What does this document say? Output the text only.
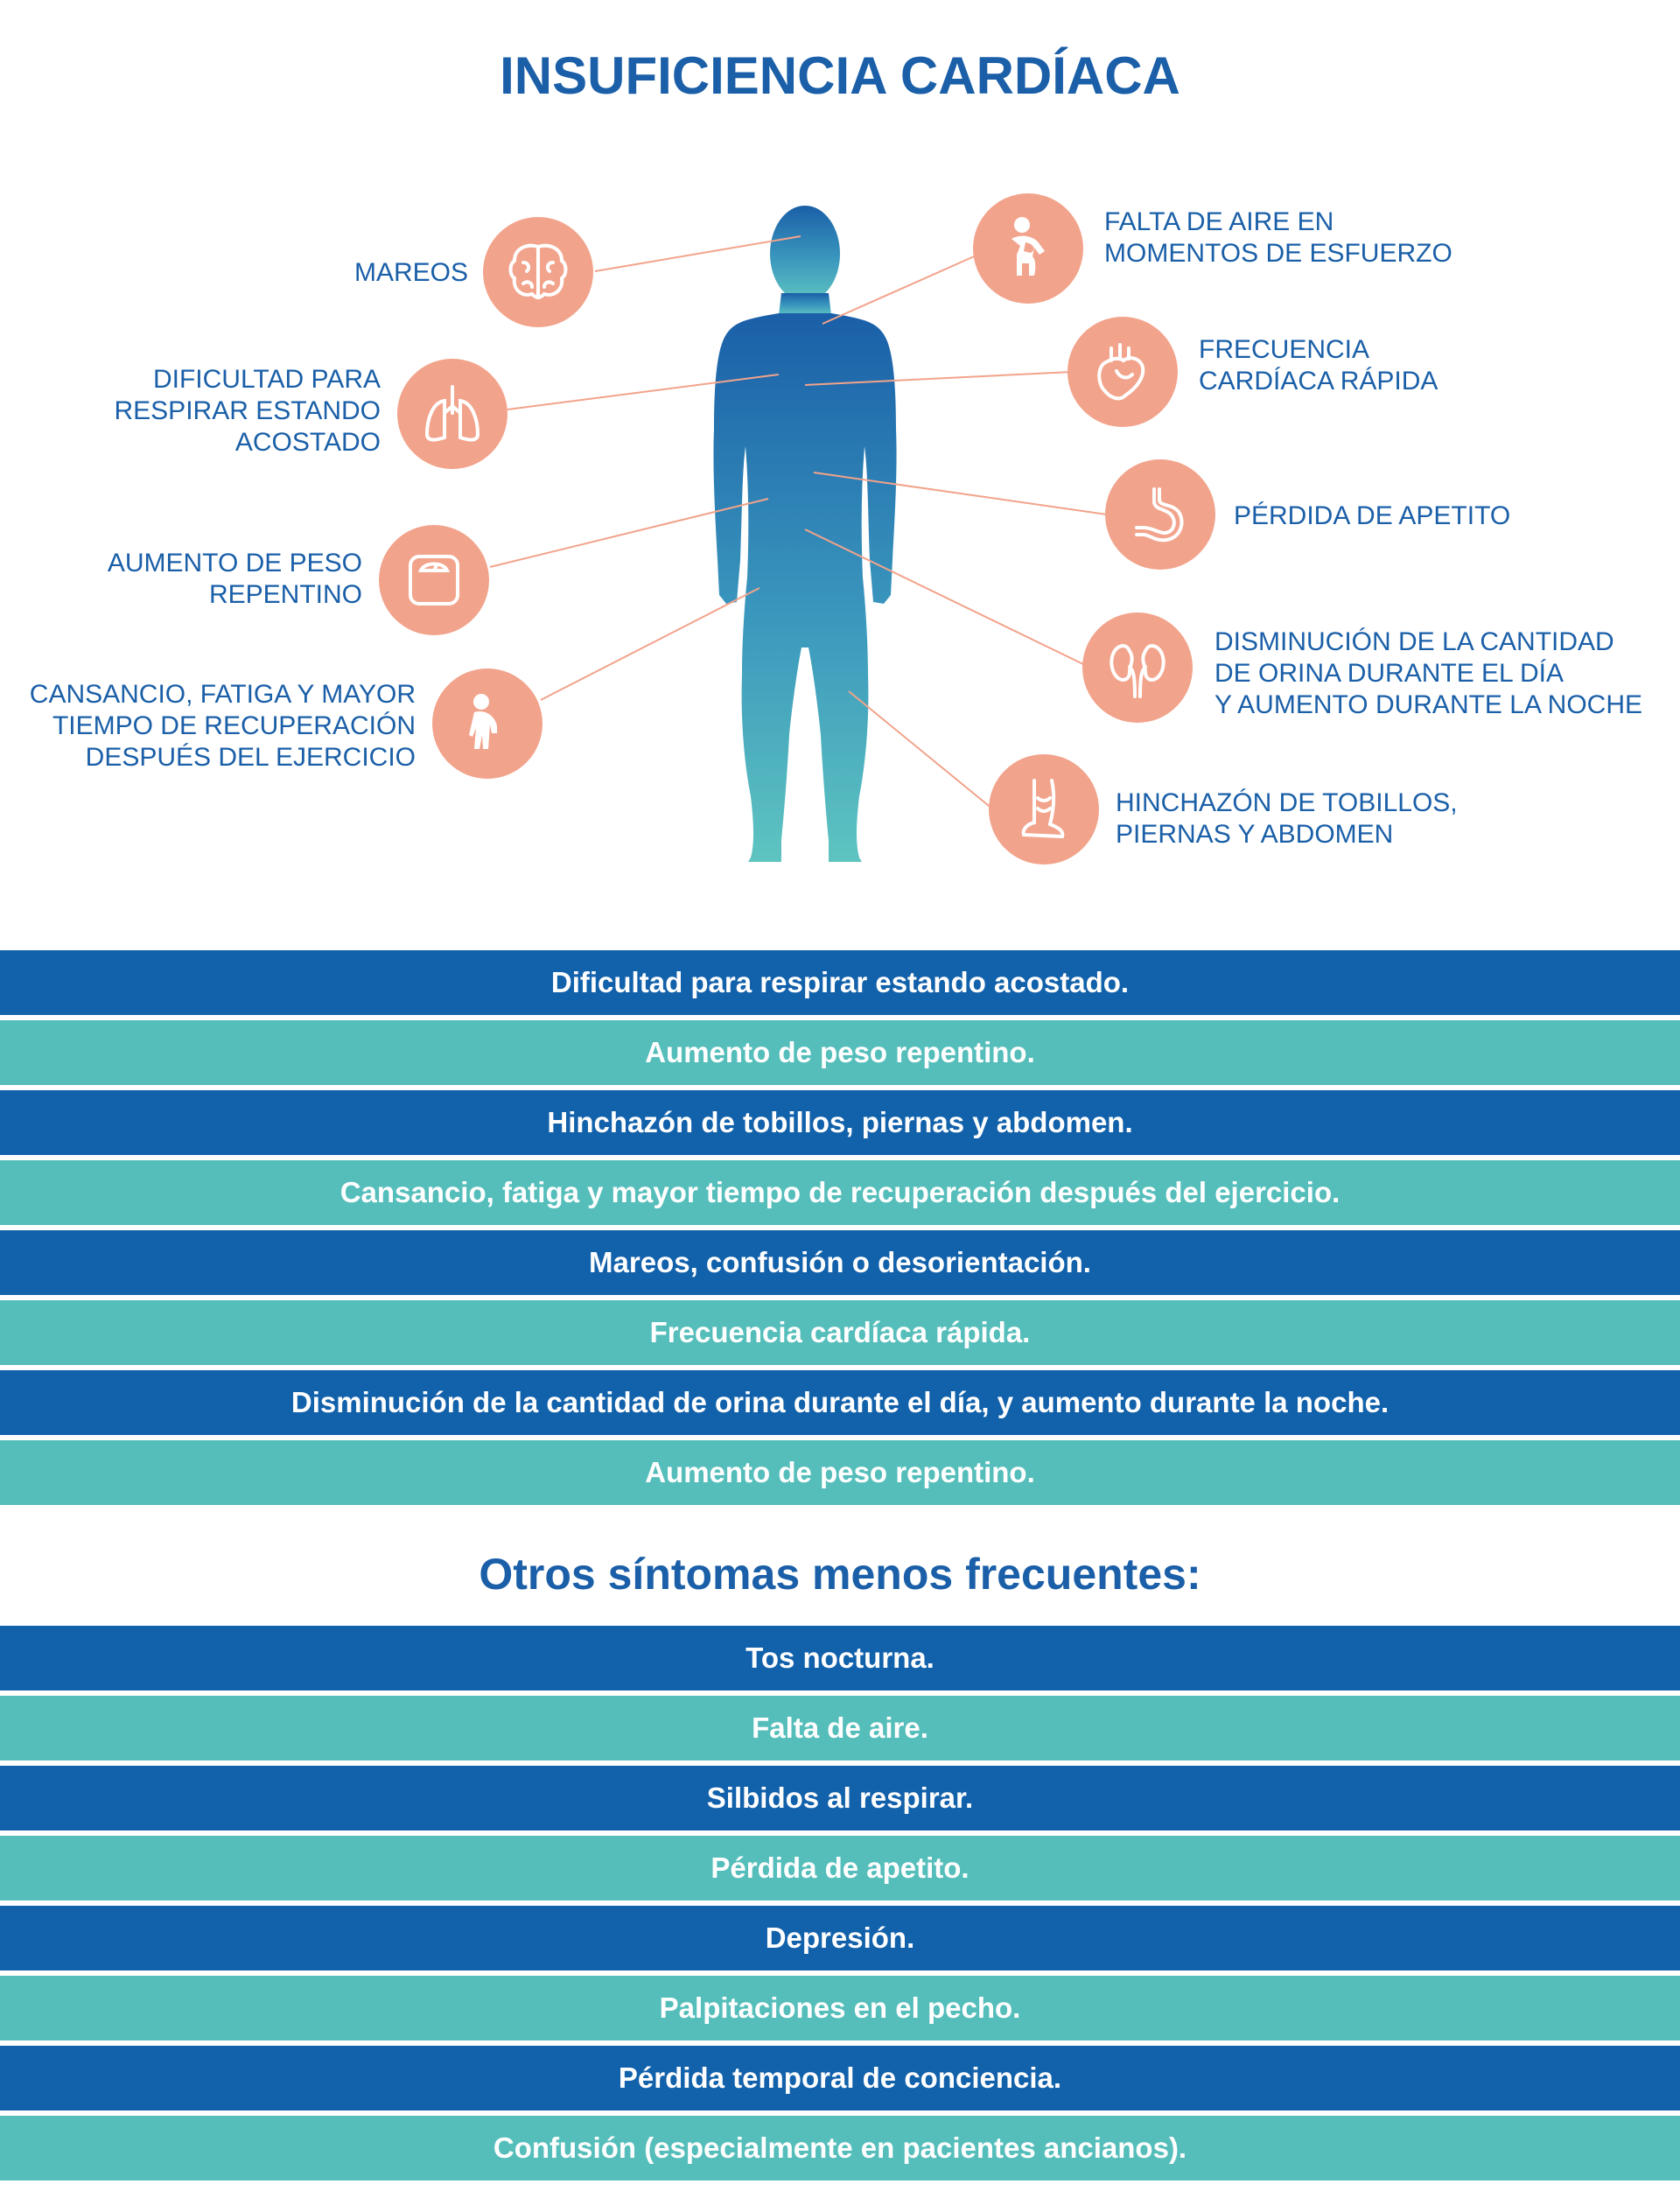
INSUFICIENCIA CARDÍACA
MAREOS
DIFICULTAD PARA
RESPIRAR ESTANDO
ACOSTADO
AUMENTO DE PESO
REPENTINO
CANSANCIO, FATIGA Y MAYOR
TIEMPO DE RECUPERACIÓN
DESPUÉS DEL EJERCICIO
FALTA DE AIRE EN
MOMENTOS DE ESFUERZO
FRECUENCIA
CARDÍACA RÁPIDA
PÉRDIDA DE APETITO
DISMINUCIÓN DE LA CANTIDAD
DE ORINA DURANTE EL DÍA
Y AUMENTO DURANTE LA NOCHE
HINCHAZÓN DE TOBILLOS,
PIERNAS Y ABDOMEN
Dificultad para respirar estando acostado.
Aumento de peso repentino.
Hinchazón de tobillos, piernas y abdomen.
Cansancio, fatiga y mayor tiempo de recuperación después del ejercicio.
Mareos, confusión o desorientación.
Frecuencia cardíaca rápida.
Disminución de la cantidad de orina durante el día, y aumento durante la noche.
Aumento de peso repentino.
Otros síntomas menos frecuentes:
Tos nocturna.
Falta de aire.
Silbidos al respirar.
Pérdida de apetito.
Depresión.
Palpitaciones en el pecho.
Pérdida temporal de conciencia.
Confusión (especialmente en pacientes ancianos).
